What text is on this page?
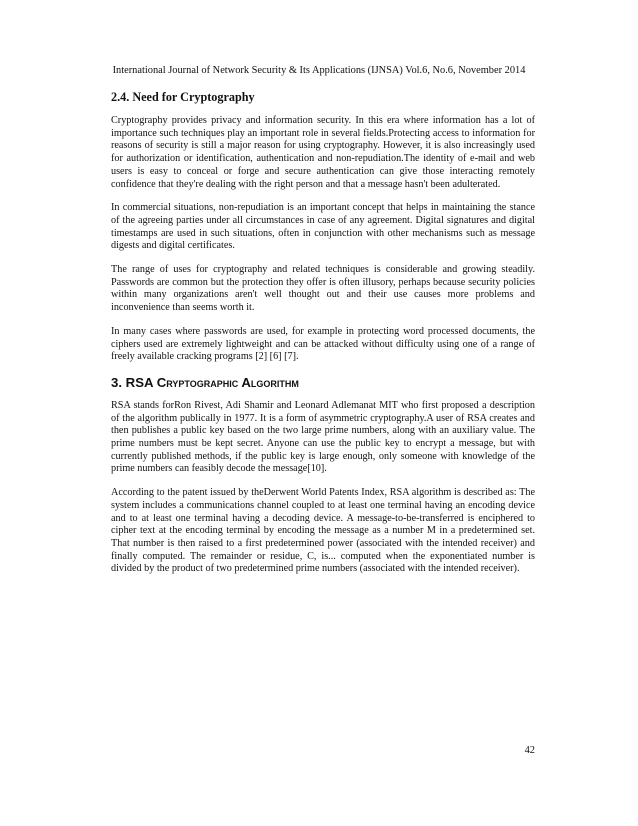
International Journal of Network Security & Its Applications (IJNSA) Vol.6, No.6, November 2014
2.4. Need for Cryptography

Cryptography provides privacy and information security. In this era where information has a lot of importance such techniques play an important role in several fields.Protecting access to information for reasons of security is still a major reason for using cryptography. However, it is also increasingly used for authorization or identification, authentication and non-repudiation.The identity of e-mail and web users is easy to conceal or forge and secure authentication can give those interacting remotely confidence that they're dealing with the right person and that a message hasn't been adulterated.

In commercial situations, non-repudiation is an important concept that helps in maintaining the stance of the agreeing parties under all circumstances in case of any agreement. Digital signatures and digital timestamps are used in such situations, often in conjunction with other mechanisms such as message digests and digital certificates.

The range of uses for cryptography and related techniques is considerable and growing steadily. Passwords are common but the protection they offer is often illusory, perhaps because security policies within many organizations aren't well thought out and their use causes more problems and inconvenience than seems worth it.

In many cases where passwords are used, for example in protecting word processed documents, the ciphers used are extremely lightweight and can be attacked without difficulty using one of a range of freely available cracking programs [2] [6] [7].

3. RSA Cryptographic Algorithm

RSA stands forRon Rivest, Adi Shamir and Leonard Adlemanat MIT who first proposed a description of the algorithm publically in 1977. It is a form of asymmetric cryptography.A user of RSA creates and then publishes a public key based on the two large prime numbers, along with an auxiliary value. The prime numbers must be kept secret. Anyone can use the public key to encrypt a message, but with currently published methods, if the public key is large enough, only someone with knowledge of the prime numbers can feasibly decode the message[10].

According to the patent issued by theDerwent World Patents Index, RSA algorithm is described as: The system includes a communications channel coupled to at least one terminal having an encoding device and to at least one terminal having a decoding device. A message-to-be-transferred is enciphered to cipher text at the encoding terminal by encoding the message as a number M in a predetermined set. That number is then raised to a first predetermined power (associated with the intended receiver) and finally computed. The remainder or residue, C, is... computed when the exponentiated number is divided by the product of two predetermined prime numbers (associated with the intended receiver).

42
